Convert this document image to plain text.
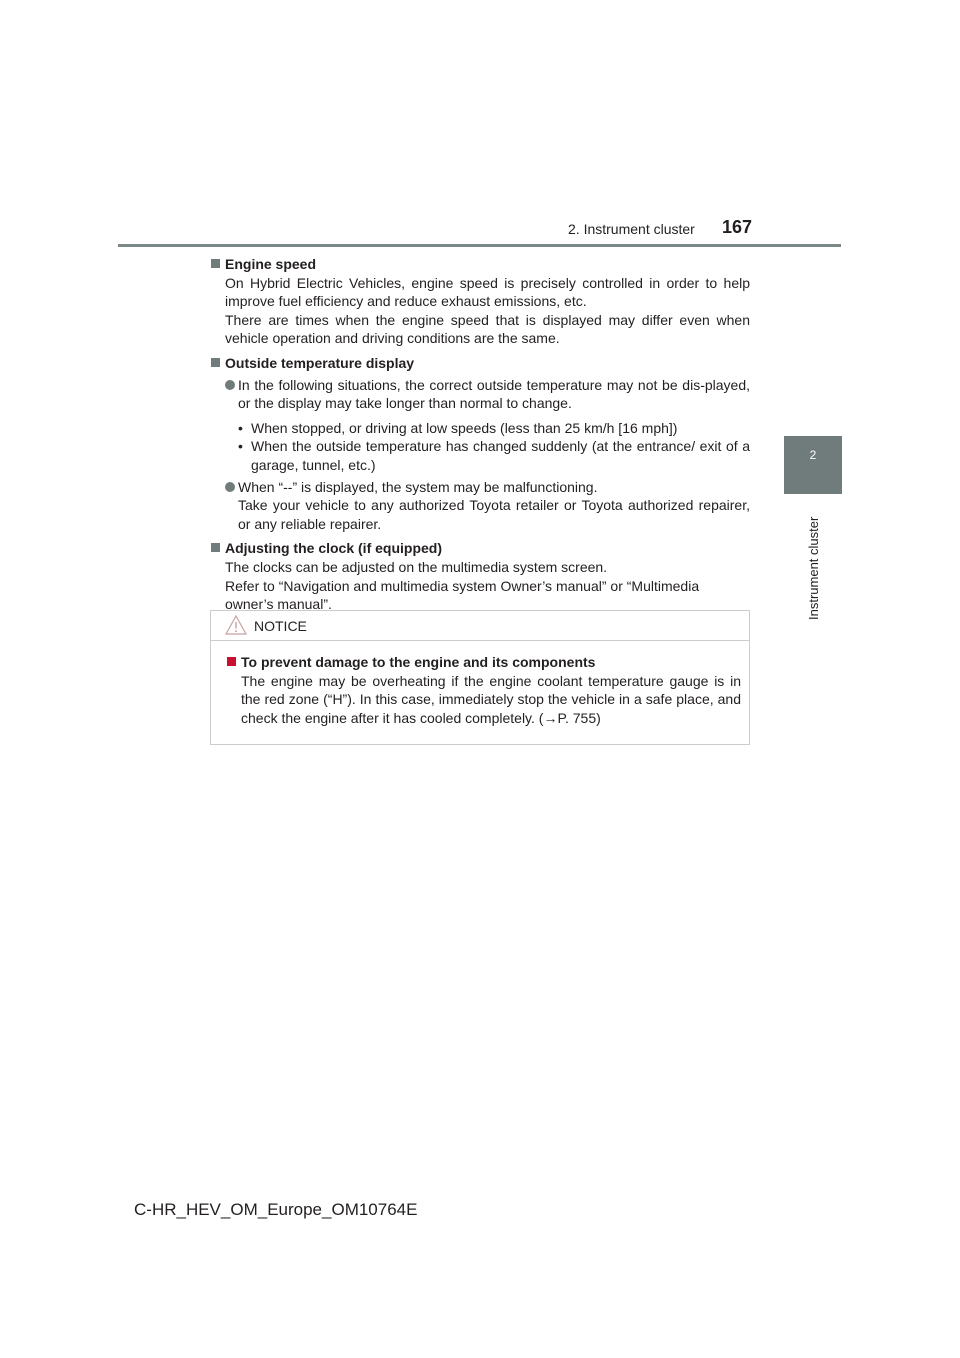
2. Instrument cluster 167
2
Instrument cluster
Engine speed
On Hybrid Electric Vehicles, engine speed is precisely controlled in order to help improve fuel efficiency and reduce exhaust emissions, etc.
There are times when the engine speed that is displayed may differ even when vehicle operation and driving conditions are the same.
Outside temperature display
In the following situations, the correct outside temperature may not be dis-played, or the display may take longer than normal to change.
• When stopped, or driving at low speeds (less than 25 km/h [16 mph])
• When the outside temperature has changed suddenly (at the entrance/ exit of a garage, tunnel, etc.)
When “--” is displayed, the system may be malfunctioning.
Take your vehicle to any authorized Toyota retailer or Toyota authorized repairer, or any reliable repairer.
Adjusting the clock (if equipped)
The clocks can be adjusted on the multimedia system screen.
Refer to “Navigation and multimedia system Owner’s manual” or “Multimedia owner’s manual”.
NOTICE
To prevent damage to the engine and its components
The engine may be overheating if the engine coolant temperature gauge is in the red zone (“H”). In this case, immediately stop the vehicle in a safe place, and check the engine after it has cooled completely. (→P. 755)
C-HR_HEV_OM_Europe_OM10764E
